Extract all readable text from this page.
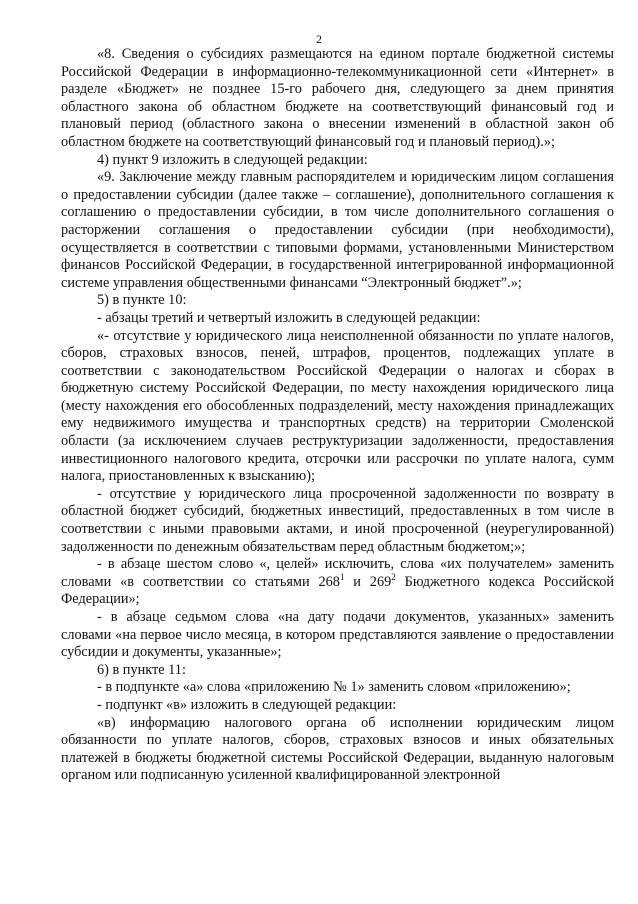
2

«8. Сведения о субсидиях размещаются на едином портале бюджетной системы Российской Федерации в информационно-телекоммуникационной сети «Интернет» в разделе «Бюджет» не позднее 15-го рабочего дня, следующего за днем принятия областного закона об областном бюджете на соответствующий финансовый год и плановый период (областного закона о внесении изменений в областной закон об областном бюджете на соответствующий финансовый год и плановый период).»;

4) пункт 9 изложить в следующей редакции:

«9. Заключение между главным распорядителем и юридическим лицом соглашения о предоставлении субсидии (далее также – соглашение), дополнительного соглашения к соглашению о предоставлении субсидии, в том числе дополнительного соглашения о расторжении соглашения о предоставлении субсидии (при необходимости), осуществляется в соответствии с типовыми формами, установленными Министерством финансов Российской Федерации, в государственной интегрированной информационной системе управления общественными финансами “Электронный бюджет”.»;

5) в пункте 10:

- абзацы третий и четвертый изложить в следующей редакции:

«- отсутствие у юридического лица неисполненной обязанности по уплате налогов, сборов, страховых взносов, пеней, штрафов, процентов, подлежащих уплате в соответствии с законодательством Российской Федерации о налогах и сборах в бюджетную систему Российской Федерации, по месту нахождения юридического лица (месту нахождения его обособленных подразделений, месту нахождения принадлежащих ему недвижимого имущества и транспортных средств) на территории Смоленской области (за исключением случаев реструктуризации задолженности, предоставления инвестиционного налогового кредита, отсрочки или рассрочки по уплате налога, сумм налога, приостановленных к взысканию);

- отсутствие у юридического лица просроченной задолженности по возврату в областной бюджет субсидий, бюджетных инвестиций, предоставленных в том числе в соответствии с иными правовыми актами, и иной просроченной (неурегулированной) задолженности по денежным обязательствам перед областным бюджетом;»;

- в абзаце шестом слово «, целей» исключить, слова «их получателем» заменить словами «в соответствии со статьями $268^1$ и $269^2$ Бюджетного кодекса Российской Федерации»;

- в абзаце седьмом слова «на дату подачи документов, указанных» заменить словами «на первое число месяца, в котором представляются заявление о предоставлении субсидии и документы, указанные»;

6) в пункте 11:

- в подпункте «а» слова «приложению № 1» заменить словом «приложению»;

- подпункт «в» изложить в следующей редакции:

«в) информацию налогового органа об исполнении юридическим лицом обязанности по уплате налогов, сборов, страховых взносов и иных обязательных платежей в бюджеты бюджетной системы Российской Федерации, выданную налоговым органом или подписанную усиленной квалифицированной электронной
